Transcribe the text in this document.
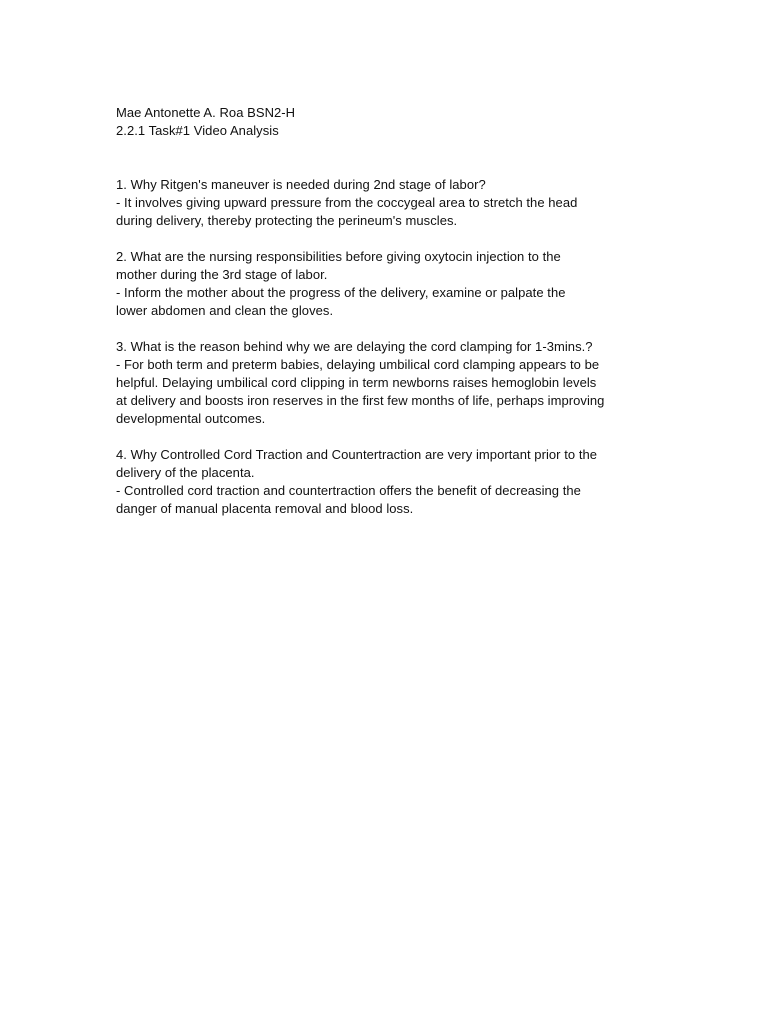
Mae Antonette A. Roa BSN2-H
2.2.1 Task#1 Video Analysis
1. Why Ritgen's maneuver is needed during 2nd stage of labor?
- It involves giving upward pressure from the coccygeal area to stretch the head
during delivery, thereby protecting the perineum's muscles.
2. What are the nursing responsibilities before giving oxytocin injection to the
mother during the 3rd stage of labor.
- Inform the mother about the progress of the delivery, examine or palpate the
lower abdomen and clean the gloves.
3. What is the reason behind why we are delaying the cord clamping for 1-3mins.?
- For both term and preterm babies, delaying umbilical cord clamping appears to be
helpful. Delaying umbilical cord clipping in term newborns raises hemoglobin levels
at delivery and boosts iron reserves in the first few months of life, perhaps improving
developmental outcomes.
4. Why Controlled Cord Traction and Countertraction are very important prior to the
delivery of the placenta.
- Controlled cord traction and countertraction offers the benefit of decreasing the
danger of manual placenta removal and blood loss.
